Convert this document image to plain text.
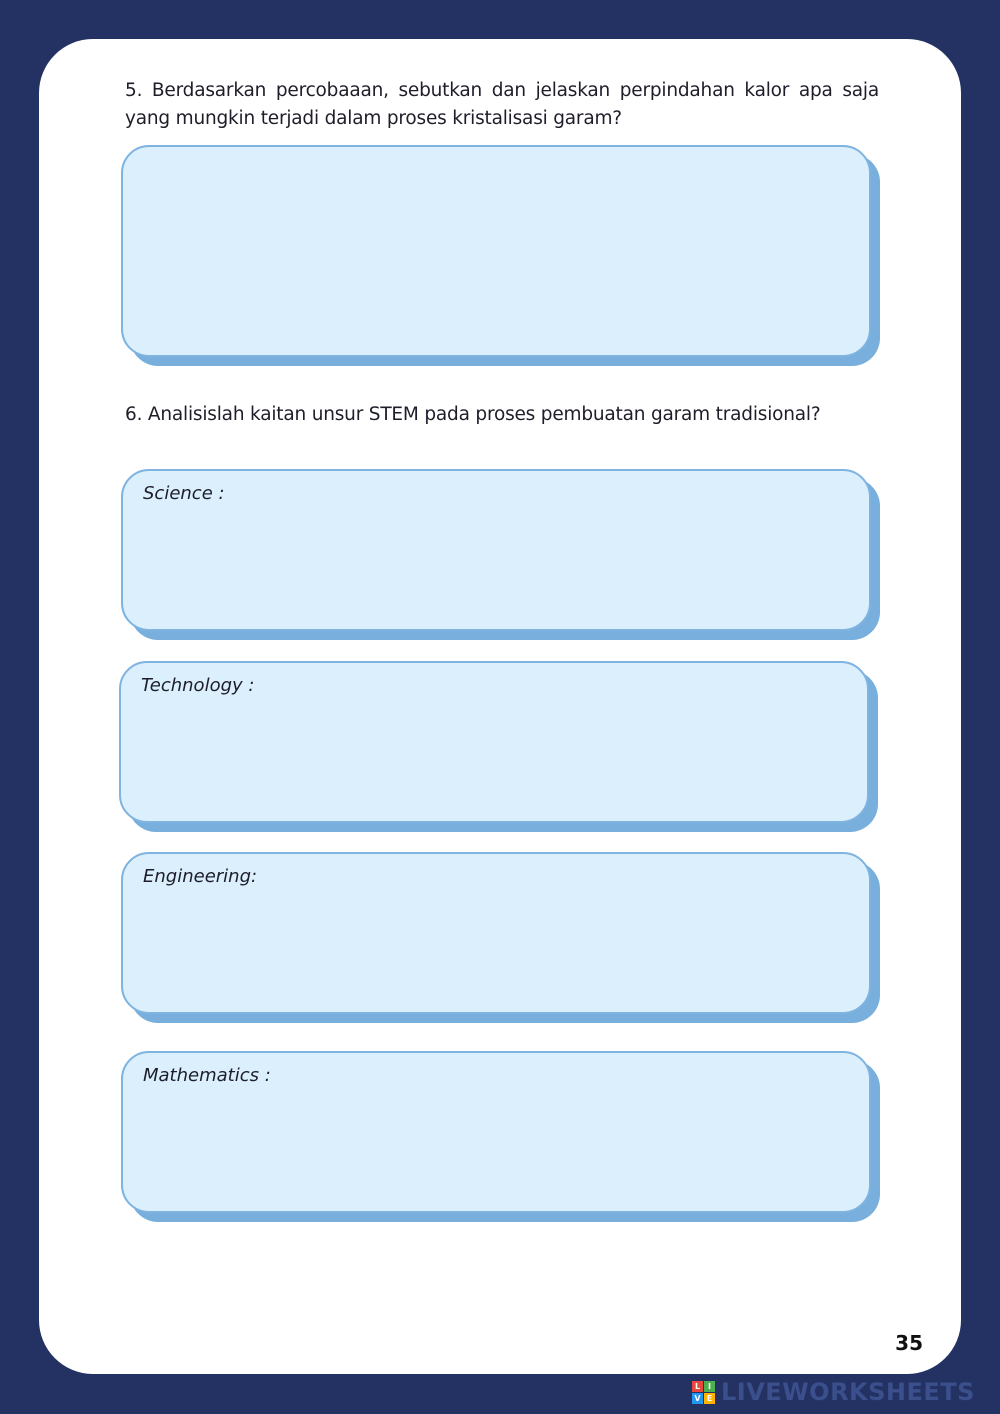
5. Berdasarkan percobaaan, sebutkan dan jelaskan perpindahan kalor apa saja yang mungkin terjadi dalam proses kristalisasi garam?
6. Analisislah kaitan unsur STEM pada proses pembuatan garam tradisional?
Science :
Technology :
Engineering:
Mathematics :
35
L I
V E LIVEWORKSHEETS
